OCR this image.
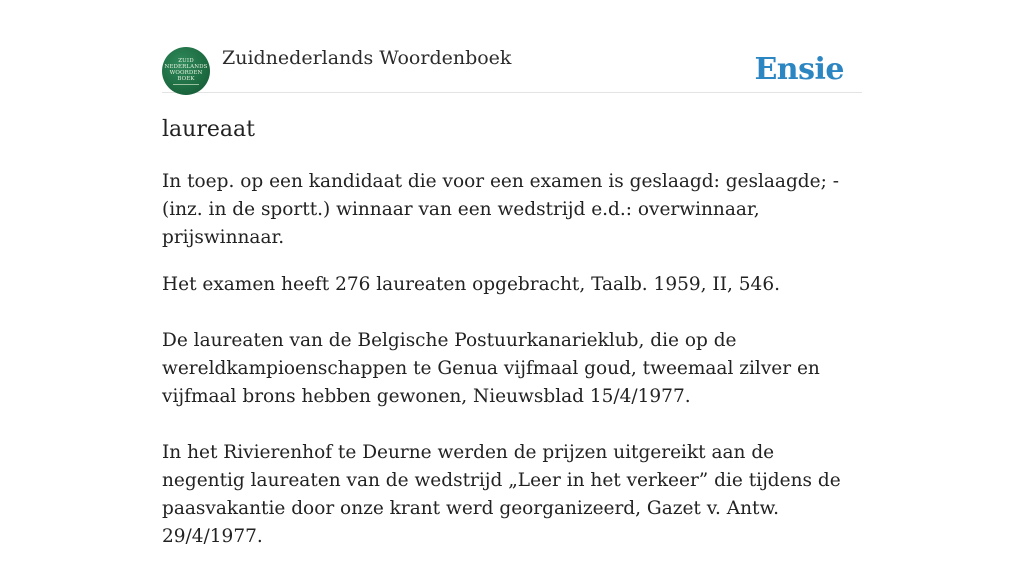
ZUID
NEDERLANDS
WOORDEN
BOEK
Zuidnederlands Woordenboek	Ensie
laureaat

In toep. op een kandidaat die voor een examen is geslaagd: geslaagde; - (inz. in de sportt.) winnaar van een wedstrijd e.d.: overwinnaar, prijswinnaar.

Het examen heeft 276 laureaten opgebracht, Taalb. 1959, II, 546.

De laureaten van de Belgische Postuurkanarieklub, die op de wereldkampioenschappen te Genua vijfmaal goud, tweemaal zilver en vijfmaal brons hebben gewonen, Nieuwsblad 15/4/1977.

In het Rivierenhof te Deurne werden de prijzen uitgereikt aan de negentig laureaten van de wedstrijd „Leer in het verkeer” die tijdens de paasvakantie door onze krant werd georganizeerd, Gazet v. Antw. 29/4/1977.
